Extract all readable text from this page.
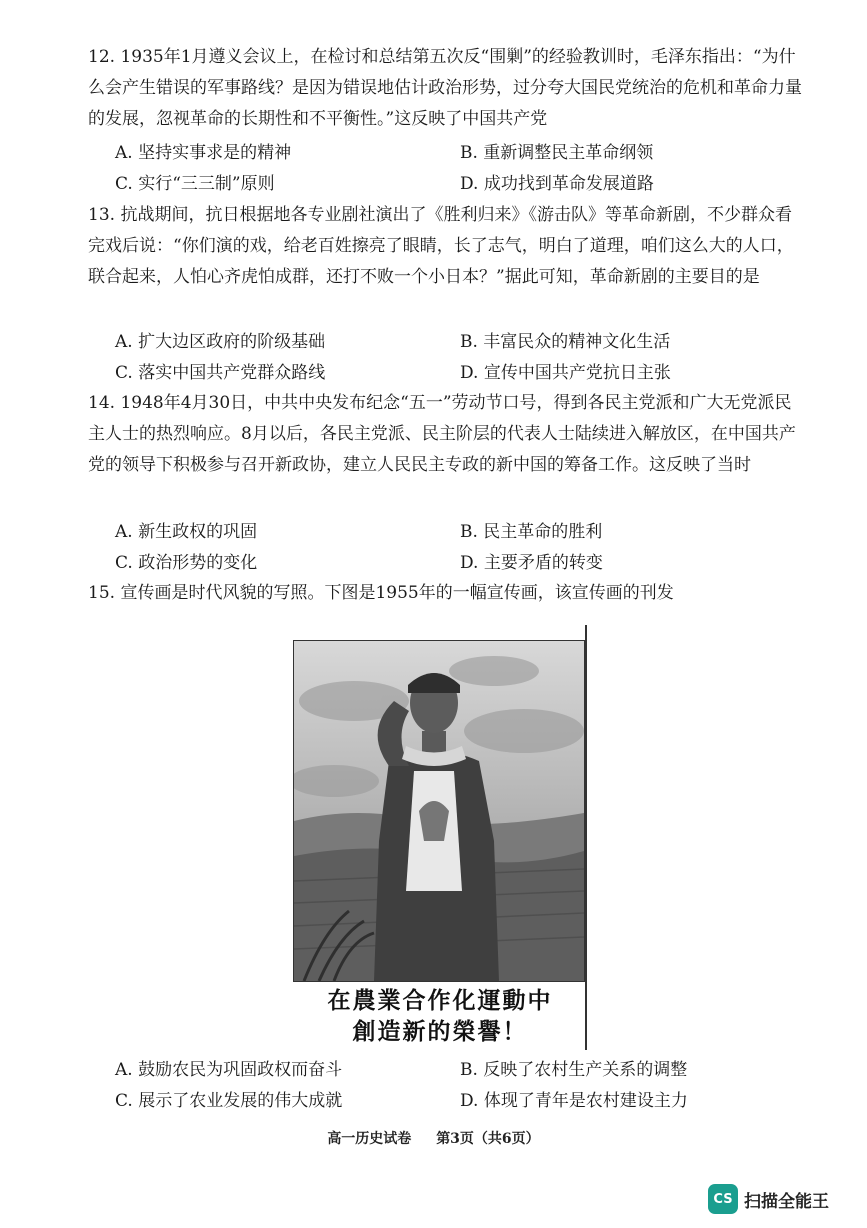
12. 1935年1月遵义会议上，在检讨和总结第五次反“围剿”的经验教训时，毛泽东指出：“为什么会产生错误的军事路线？是因为错误地估计政治形势，过分夸大国民党统治的危机和革命力量的发展，忽视革命的长期性和不平衡性。”这反映了中国共产党

A. 坚持实事求是的精神	B. 重新调整民主革命纲领
C. 实行“三三制”原则	D. 成功找到革命发展道路

13. 抗战期间，抗日根据地各专业剧社演出了《胜利归来》《游击队》等革命新剧，不少群众看完戏后说：“你们演的戏，给老百姓擦亮了眼睛，长了志气，明白了道理，咱们这么大的人口，联合起来，人怕心齐虎怕成群，还打不败一个小日本？”据此可知，革命新剧的主要目的是

A. 扩大边区政府的阶级基础	B. 丰富民众的精神文化生活
C. 落实中国共产党群众路线	D. 宣传中国共产党抗日主张

14. 1948年4月30日，中共中央发布纪念“五一”劳动节口号，得到各民主党派和广大无党派民主人士的热烈响应。8月以后，各民主党派、民主阶层的代表人士陆续进入解放区，在中国共产党的领导下积极参与召开新政协，建立人民民主专政的新中国的筹备工作。这反映了当时

A. 新生政权的巩固	B. 民主革命的胜利
C. 政治形势的变化	D. 主要矛盾的转变

15. 宣传画是时代风貌的写照。下图是1955年的一幅宣传画，该宣传画的刊发

在農業合作化運動中
創造新的榮譽！
A. 鼓励农民为巩固政权而奋斗	B. 反映了农村生产关系的调整
C. 展示了农业发展的伟大成就	D. 体现了青年是农村建设主力
高一历史试卷 第3页（共6页）
CS 扫描全能王
